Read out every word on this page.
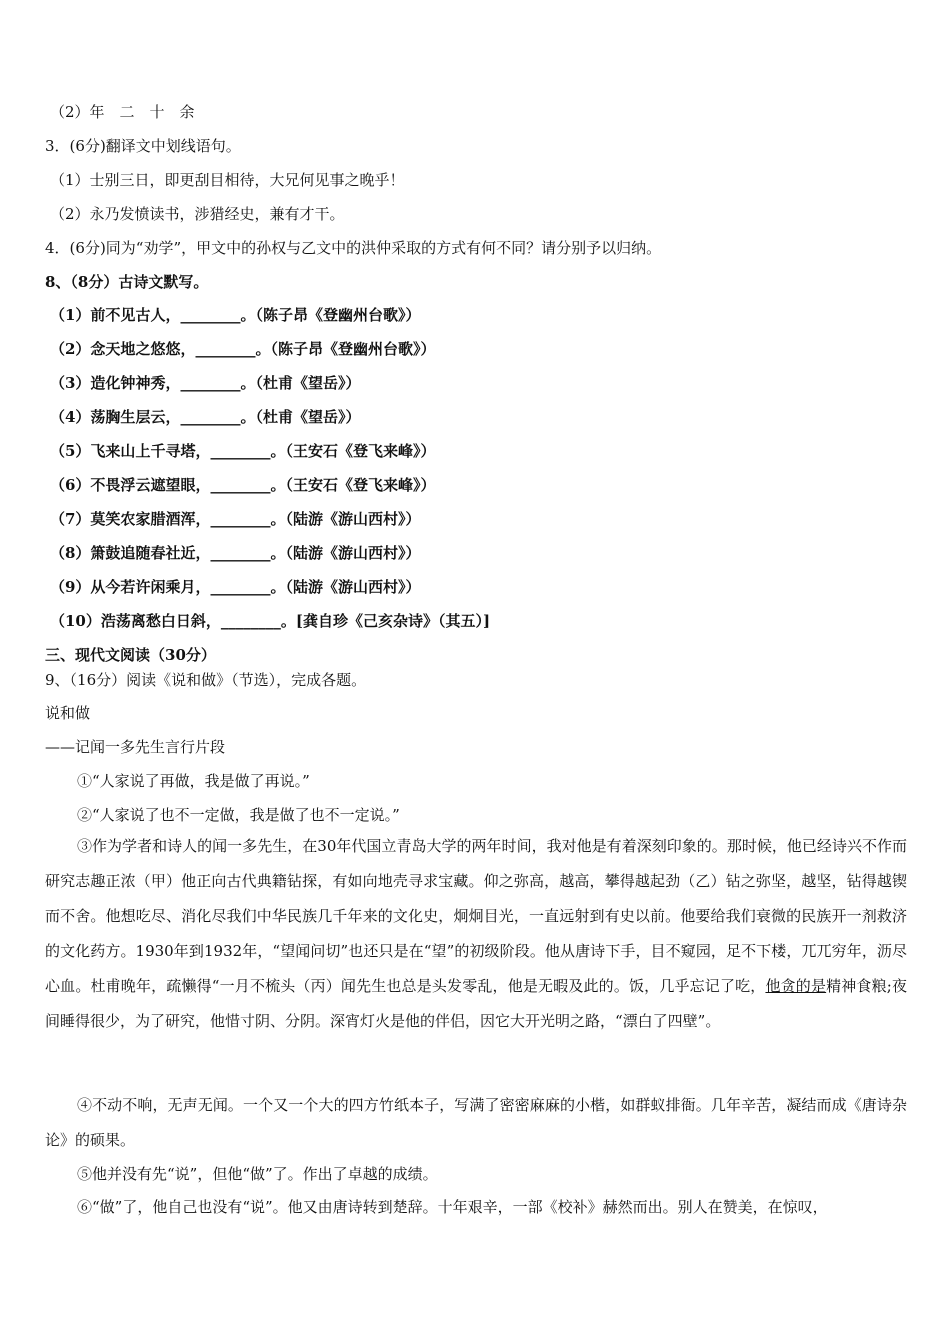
（2）年　二　十　余
3．(6分)翻译文中划线语句。
（1）士别三日，即更刮目相待，大兄何见事之晚乎！
（2）永乃发愤读书，涉猎经史，兼有才干。
4．(6分)同为“劝学”，甲文中的孙权与乙文中的洪仲采取的方式有何不同？请分别予以归纳。
8、（8分）古诗文默写。
（1）前不见古人，________。（陈子昂《登幽州台歌》）
（2）念天地之悠悠，________。（陈子昂《登幽州台歌》）
（3）造化钟神秀，________。（杜甫《望岳》）
（4）荡胸生层云，________。（杜甫《望岳》）
（5）飞来山上千寻塔，________。（王安石《登飞来峰》）
（6）不畏浮云遮望眼，________。（王安石《登飞来峰》）
（7）莫笑农家腊酒浑，________。（陆游《游山西村》）
（8）箫鼓追随春社近，________。（陆游《游山西村》）
（9）从今若许闲乘月，________。（陆游《游山西村》）
（10）浩荡离愁白日斜，________。[龚自珍《己亥杂诗》（其五）]
三、现代文阅读（30分）
9、（16分）阅读《说和做》（节选），完成各题。
说和做
——记闻一多先生言行片段
①“人家说了再做，我是做了再说。”
②“人家说了也不一定做，我是做了也不一定说。”
③作为学者和诗人的闻一多先生，在30年代国立青岛大学的两年时间，我对他是有着深刻印象的。那时候，他已经诗兴不作而研究志趣正浓（甲）他正向古代典籍钻探，有如向地壳寻求宝藏。仰之弥高，越高，攀得越起劲（乙）钻之弥坚，越坚，钻得越锲而不舍。他想吃尽、消化尽我们中华民族几千年来的文化史，炯炯目光，一直远射到有史以前。他要给我们衰微的民族开一剂救济的文化药方。1930年到1932年，“望闻问切”也还只是在“望”的初级阶段。他从唐诗下手，目不窥园，足不下楼，兀兀穷年，沥尽心血。杜甫晚年，疏懒得“一月不梳头（丙）闻先生也总是头发零乱，他是无暇及此的。饭，几乎忘记了吃，他贪的是精神食粮;夜间睡得很少，为了研究，他惜寸阴、分阴。深宵灯火是他的伴侣，因它大开光明之路，“漂白了四壁”。
④不动不响，无声无闻。一个又一个大的四方竹纸本子，写满了密密麻麻的小楷，如群蚁排衙。几年辛苦，凝结而成《唐诗杂论》的硕果。
⑤他并没有先“说”，但他“做”了。作出了卓越的成绩。
⑥“做”了，他自己也没有“说”。他又由唐诗转到楚辞。十年艰辛，一部《校补》赫然而出。别人在赞美，在惊叹，
